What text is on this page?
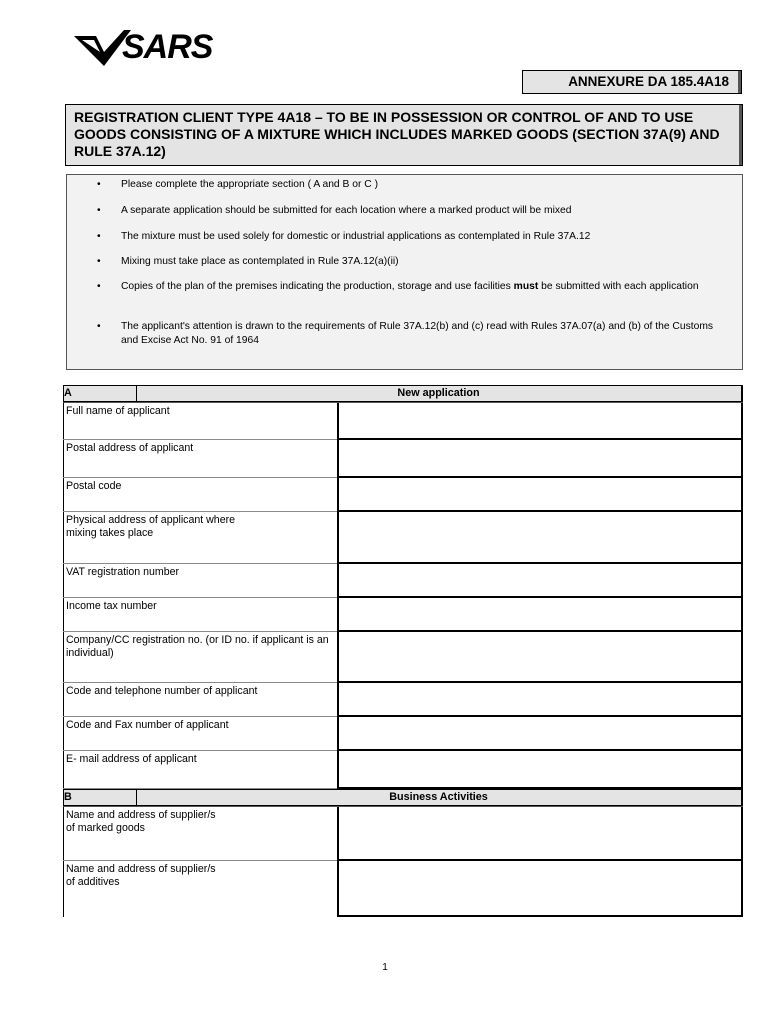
SARS
ANNEXURE DA 185.4A18
REGISTRATION CLIENT TYPE 4A18 – TO BE IN POSSESSION OR CONTROL OF AND TO USE GOODS CONSISTING OF A MIXTURE WHICH INCLUDES MARKED GOODS (SECTION 37A(9) AND RULE 37A.12)
• Please complete the appropriate section ( A and B or C )
• A separate application should be submitted for each location where a marked product will be mixed
• The mixture must be used solely for domestic or industrial applications as contemplated in Rule 37A.12
• Mixing must take place as contemplated in Rule 37A.12(a)(ii)
• Copies of the plan of the premises indicating the production, storage and use facilities must be submitted with each application
• The applicant's attention is drawn to the requirements of Rule 37A.12(b) and (c) read with Rules 37A.07(a) and (b) of the Customs and Excise Act No. 91 of 1964
A	New application
Full name of applicant
Postal address of applicant
Postal code
Physical address of applicant where
mixing takes place
VAT registration number
Income tax number
Company/CC registration no. (or ID no. if applicant is an individual)
Code and telephone number of applicant
Code and Fax number of applicant
E- mail address of applicant
B	Business Activities
Name and address of supplier/s
of marked goods
Name and address of supplier/s
of additives
1
